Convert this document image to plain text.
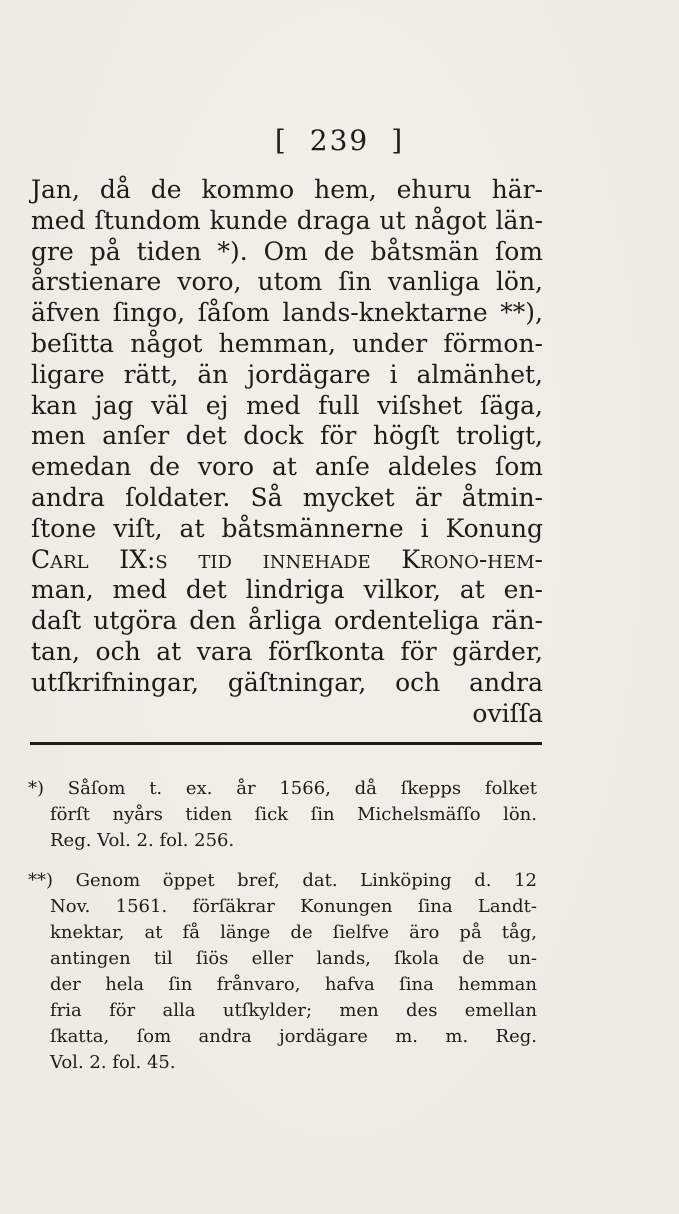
[ 239 ]
Jan, då de kommo hem, ehuru här-
med ſtundom kunde draga ut något län-
gre på tiden *). Om de båtsmän ſom
årstienare voro, utom ſin vanliga lön,
äfven ſingo, ſåſom lands-knektarne **),
beſitta något hemman, under förmon-
ligare rätt, än jordägare i almänhet,
kan jag väl ej med full viſshet ſäga,
men anſer det dock för högſt troligt,
emedan de voro at anſe aldeles ſom
andra ſoldater. Så mycket är åtmin-
ſtone viſt, at båtsmännerne i Konung
Carl IX:s tid innehade Krono-hem-
man, med det lindriga vilkor, at en-
daſt utgöra den årliga ordenteliga rän-
tan, och at vara förſkonta för gärder,
utſkrifningar, gäſtningar, och andra
oviſſa
*) Såſom t. ex. år 1566, då ſkepps folket
förſt nyårs tiden ſick ſin Michelsmäſſo lön.
Reg. Vol. 2. fol. 256.
**) Genom öppet bref, dat. Linköping d. 12
Nov. 1561. förſäkrar Konungen ſina Landt-
knektar, at få länge de ſielfve äro på tåg,
antingen til ſiös eller lands, ſkola de un-
der hela ſin frånvaro, hafva ſina hemman
fria för alla utſkylder; men des emellan
ſkatta, ſom andra jordägare m. m. Reg.
Vol. 2. fol. 45.
